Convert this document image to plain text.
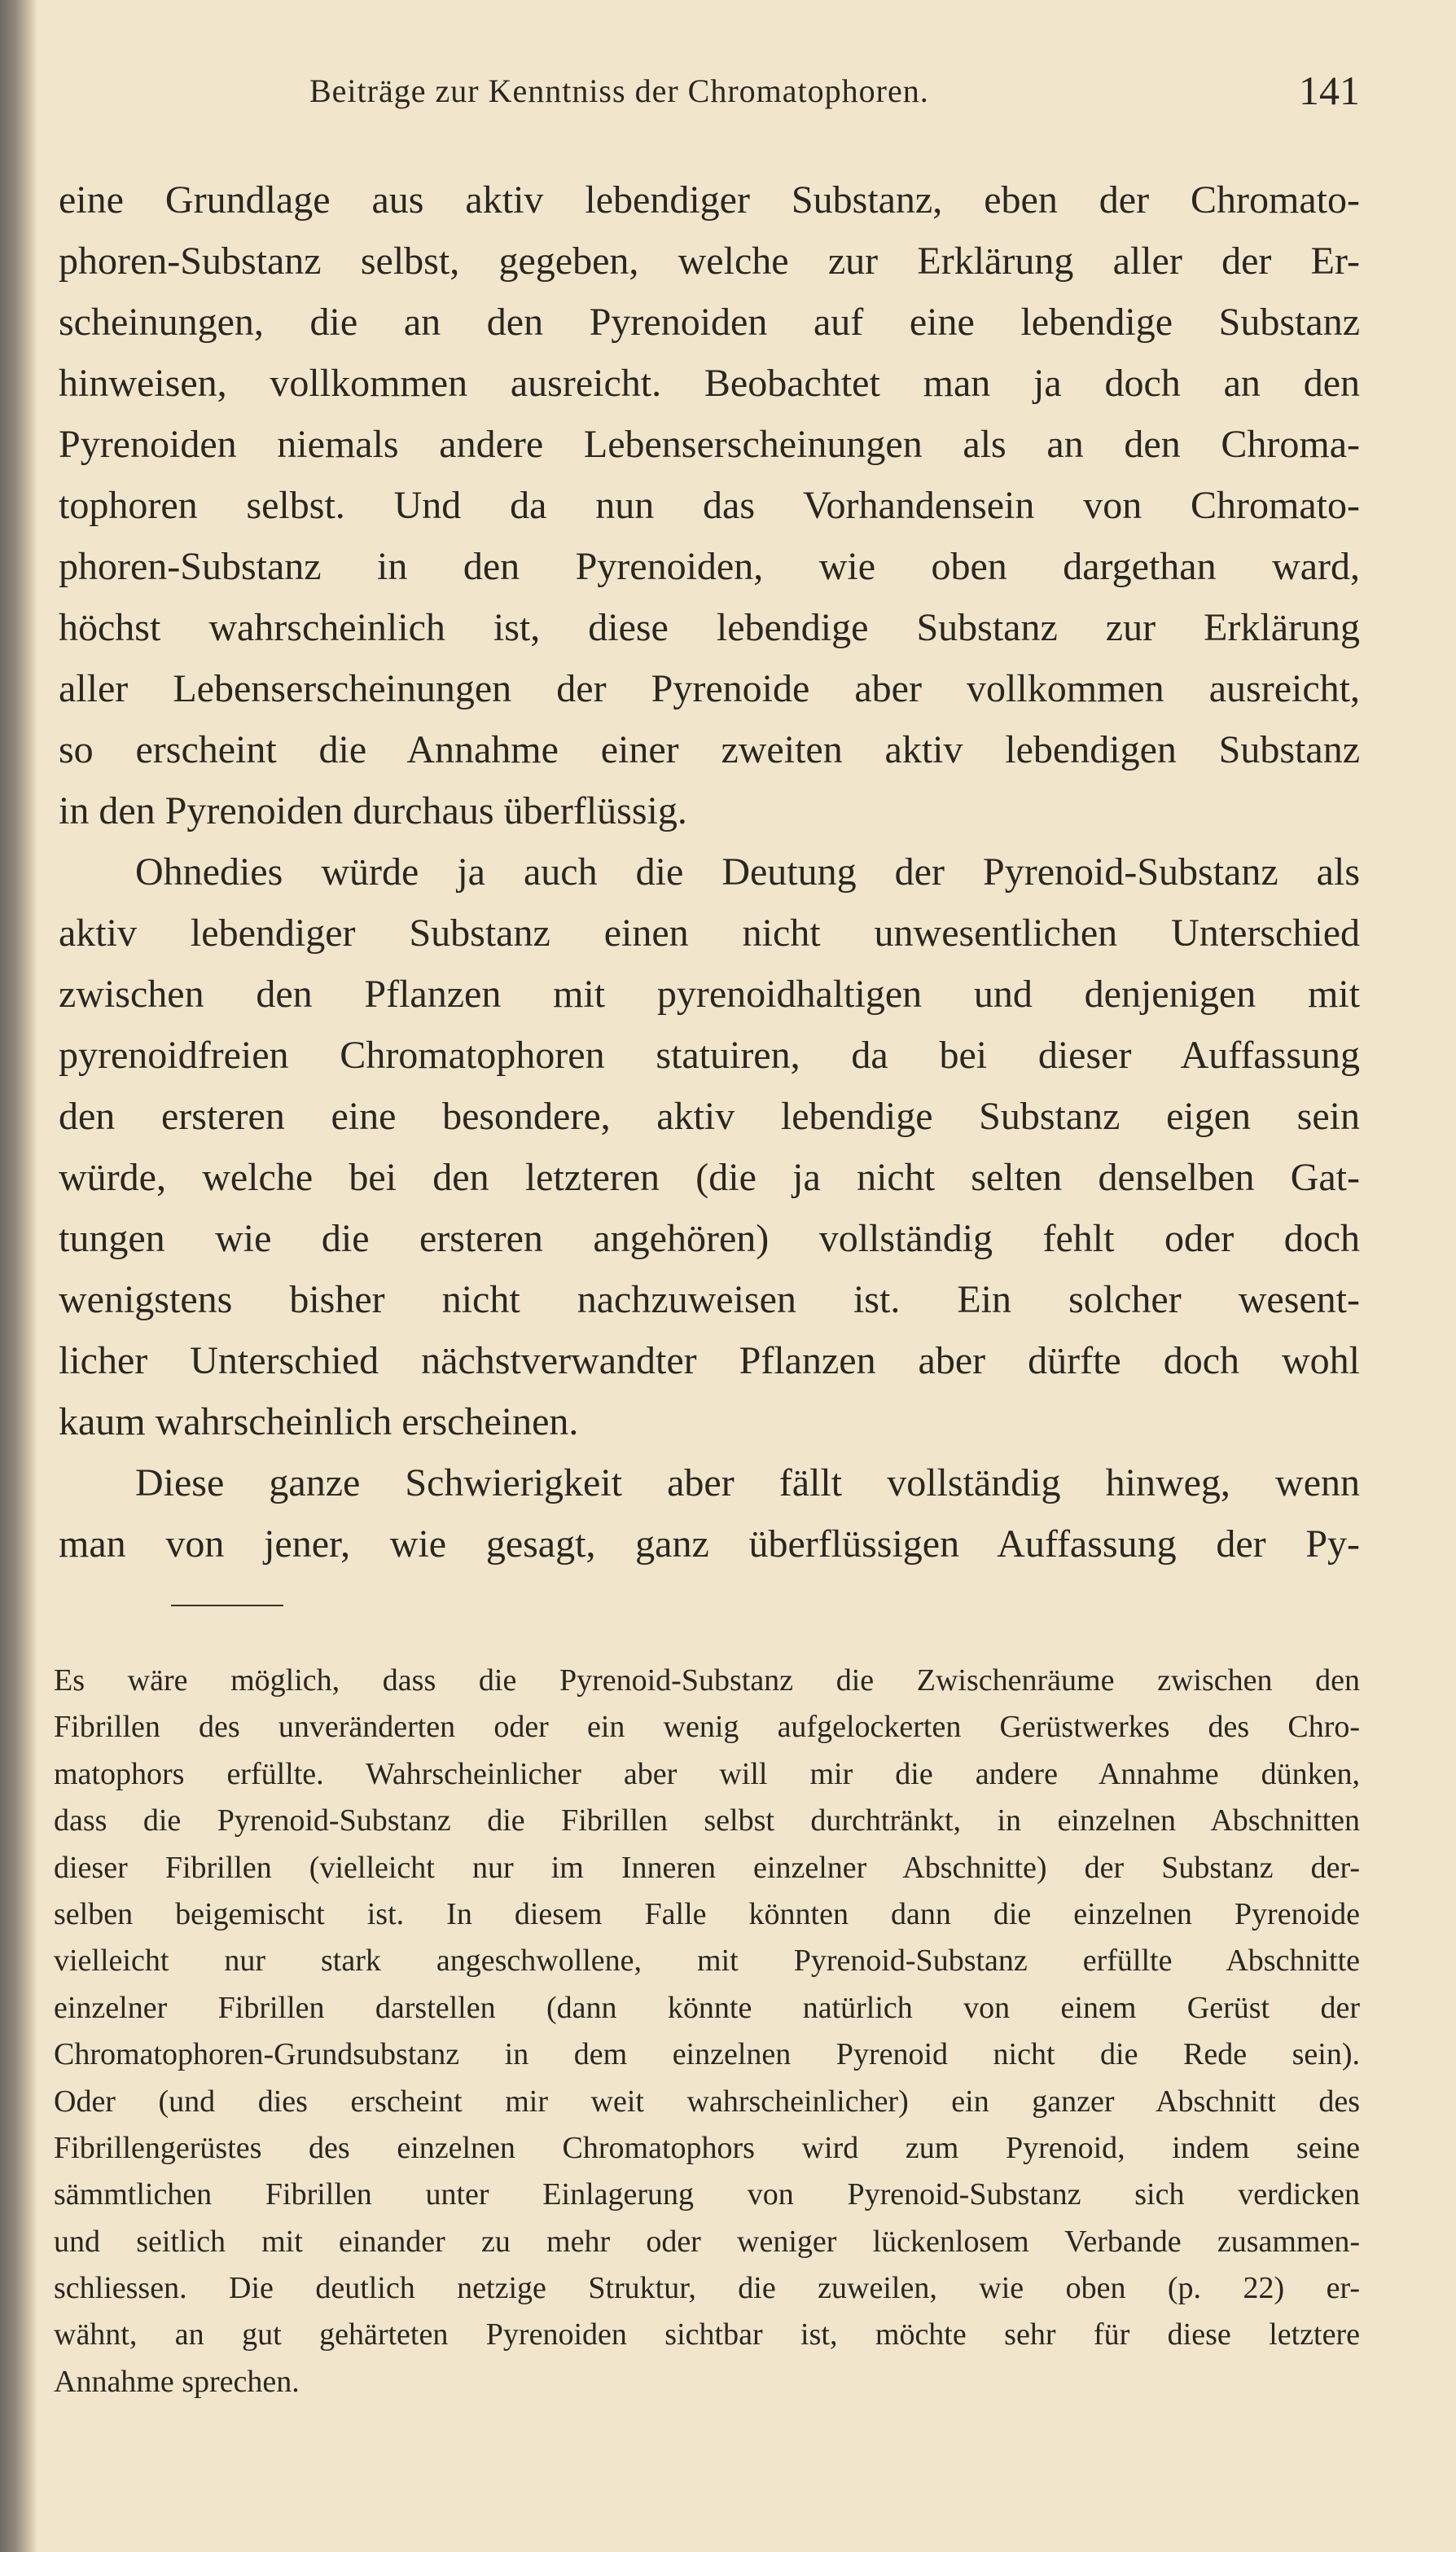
Beiträge zur Kenntniss der Chromatophoren.	141
eine Grundlage aus aktiv lebendiger Substanz, eben der Chromato-
phoren-Substanz selbst, gegeben, welche zur Erklärung aller der Er-
scheinungen, die an den Pyrenoiden auf eine lebendige Substanz
hinweisen, vollkommen ausreicht. Beobachtet man ja doch an den
Pyrenoiden niemals andere Lebenserscheinungen als an den Chroma-
tophoren selbst. Und da nun das Vorhandensein von Chromato-
phoren-Substanz in den Pyrenoiden, wie oben dargethan ward,
höchst wahrscheinlich ist, diese lebendige Substanz zur Erklärung
aller Lebenserscheinungen der Pyrenoide aber vollkommen ausreicht,
so erscheint die Annahme einer zweiten aktiv lebendigen Substanz
in den Pyrenoiden durchaus überflüssig.
Ohnedies würde ja auch die Deutung der Pyrenoid-Substanz als
aktiv lebendiger Substanz einen nicht unwesentlichen Unterschied
zwischen den Pflanzen mit pyrenoidhaltigen und denjenigen mit
pyrenoidfreien Chromatophoren statuiren, da bei dieser Auffassung
den ersteren eine besondere, aktiv lebendige Substanz eigen sein
würde, welche bei den letzteren (die ja nicht selten denselben Gat-
tungen wie die ersteren angehören) vollständig fehlt oder doch
wenigstens bisher nicht nachzuweisen ist. Ein solcher wesent-
licher Unterschied nächstverwandter Pflanzen aber dürfte doch wohl
kaum wahrscheinlich erscheinen.
Diese ganze Schwierigkeit aber fällt vollständig hinweg, wenn
man von jener, wie gesagt, ganz überflüssigen Auffassung der Py-
Es wäre möglich, dass die Pyrenoid-Substanz die Zwischenräume zwischen den
Fibrillen des unveränderten oder ein wenig aufgelockerten Gerüstwerkes des Chro-
matophors erfüllte. Wahrscheinlicher aber will mir die andere Annahme dünken,
dass die Pyrenoid-Substanz die Fibrillen selbst durchtränkt, in einzelnen Abschnitten
dieser Fibrillen (vielleicht nur im Inneren einzelner Abschnitte) der Substanz der-
selben beigemischt ist. In diesem Falle könnten dann die einzelnen Pyrenoide
vielleicht nur stark angeschwollene, mit Pyrenoid-Substanz erfüllte Abschnitte
einzelner Fibrillen darstellen (dann könnte natürlich von einem Gerüst der
Chromatophoren-Grundsubstanz in dem einzelnen Pyrenoid nicht die Rede sein).
Oder (und dies erscheint mir weit wahrscheinlicher) ein ganzer Abschnitt des
Fibrillengerüstes des einzelnen Chromatophors wird zum Pyrenoid, indem seine
sämmtlichen Fibrillen unter Einlagerung von Pyrenoid-Substanz sich verdicken
und seitlich mit einander zu mehr oder weniger lückenlosem Verbande zusammen-
schliessen. Die deutlich netzige Struktur, die zuweilen, wie oben (p. 22) er-
wähnt, an gut gehärteten Pyrenoiden sichtbar ist, möchte sehr für diese letztere
Annahme sprechen.
